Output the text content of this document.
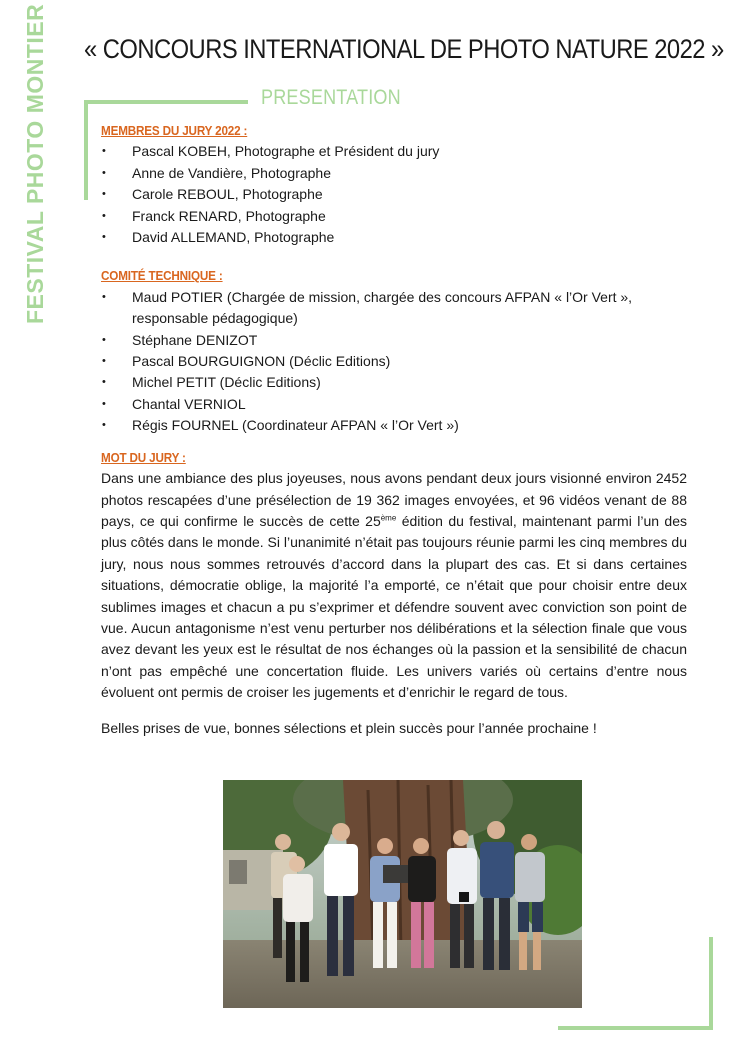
FESTIVAL PHOTO MONTIER « CONCOURS INTERNATIONAL DE PHOTO NATURE 2022 »
PRESENTATION
MEMBRES DU JURY 2022 :
• Pascal KOBEH, Photographe et Président du jury
• Anne de Vandière, Photographe
• Carole REBOUL, Photographe
• Franck RENARD, Photographe
• David ALLEMAND, Photographe
COMITÉ TECHNIQUE :
• Maud POTIER (Chargée de mission, chargée des concours AFPAN « l’Or Vert », responsable pédagogique)
• Stéphane DENIZOT
• Pascal BOURGUIGNON (Déclic Editions)
• Michel PETIT (Déclic Editions)
• Chantal VERNIOL
• Régis FOURNEL (Coordinateur AFPAN « l’Or Vert »)
MOT DU JURY :

Dans une ambiance des plus joyeuses, nous avons pendant deux jours visionné environ 2452 photos rescapées d’une présélection de 19 362 images envoyées, et 96 vidéos venant de 88 pays, ce qui confirme le succès de cette 25ème édition du festival, maintenant parmi l’un des plus côtés dans le monde. Si l’unanimité n’était pas toujours réunie parmi les cinq membres du jury, nous nous sommes retrouvés d’accord dans la plupart des cas. Et si dans certaines situations, démocratie oblige, la majorité l’a emporté, ce n’était que pour choisir entre deux sublimes images et chacun a pu s’exprimer et défendre souvent avec conviction son point de vue. Aucun antagonisme n’est venu perturber nos délibérations et la sélection finale que vous avez devant les yeux est le résultat de nos échanges où la passion et la sensibilité de chacun n’ont pas empêché une concertation fluide. Les univers variés où certains d’entre nous évoluent ont permis de croiser les jugements et d’enrichir le regard de tous.

Belles prises de vue, bonnes sélections et plein succès pour l’année prochaine !
